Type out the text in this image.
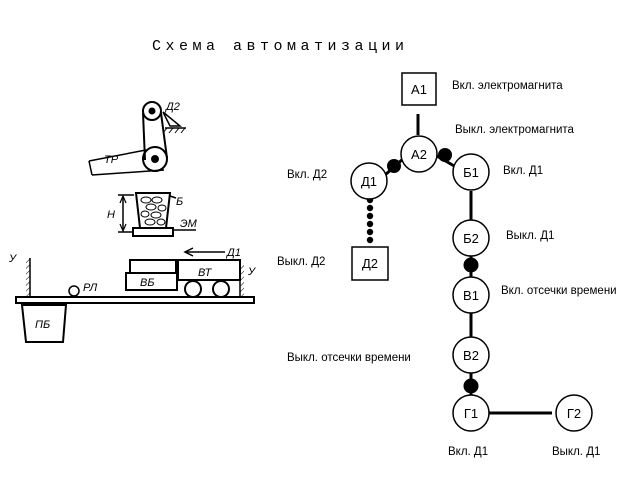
Схема автоматизации
Д2
ТР
Б
Н
ЭМ
Д1
У
У
РЛ	ВБ
ВТ
ПБ
А1
А2
Д1
Д2
Б1
Б2
В1
В2
Г1	Г2
Вкл. электромагнита
Выкл. электромагнита
Вкл. Д2	Вкл. Д1
Выкл. Д1
Выкл. Д2
Вкл. отсечки времени
Выкл. отсечки времени
Вкл. Д1	Выкл. Д1
